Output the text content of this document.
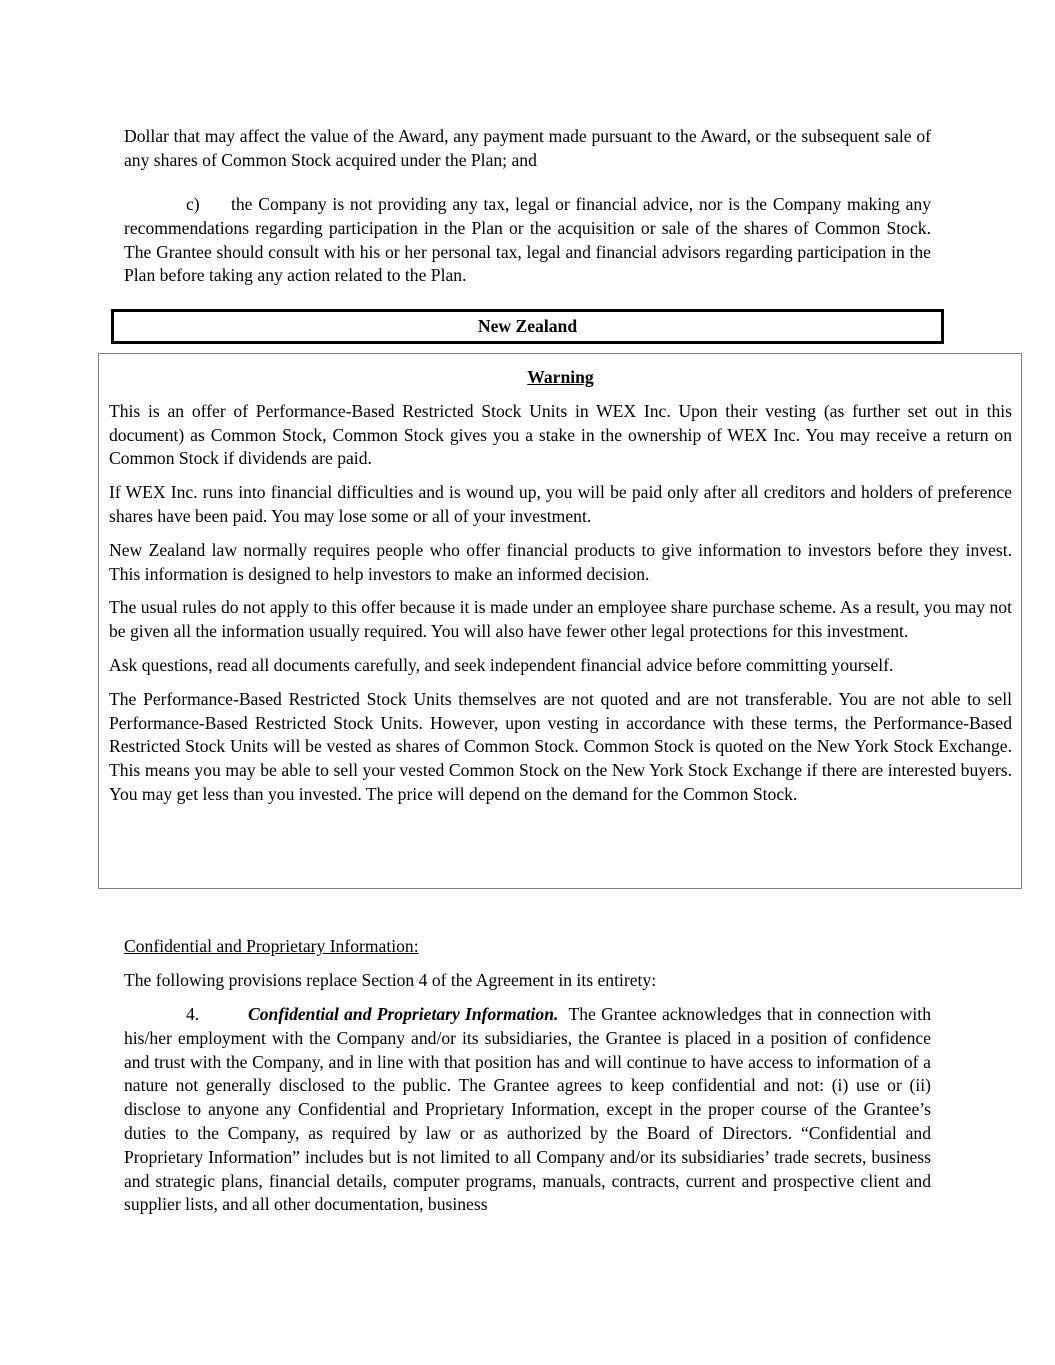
Dollar that may affect the value of the Award, any payment made pursuant to the Award, or the subsequent sale of any shares of Common Stock acquired under the Plan; and

c) the Company is not providing any tax, legal or financial advice, nor is the Company making any recommendations regarding participation in the Plan or the acquisition or sale of the shares of Common Stock. The Grantee should consult with his or her personal tax, legal and financial advisors regarding participation in the Plan before taking any action related to the Plan.

New Zealand

Warning

This is an offer of Performance-Based Restricted Stock Units in WEX Inc. Upon their vesting (as further set out in this document) as Common Stock, Common Stock gives you a stake in the ownership of WEX Inc. You may receive a return on Common Stock if dividends are paid.

If WEX Inc. runs into financial difficulties and is wound up, you will be paid only after all creditors and holders of preference shares have been paid. You may lose some or all of your investment.

New Zealand law normally requires people who offer financial products to give information to investors before they invest. This information is designed to help investors to make an informed decision.

The usual rules do not apply to this offer because it is made under an employee share purchase scheme. As a result, you may not be given all the information usually required. You will also have fewer other legal protections for this investment.

Ask questions, read all documents carefully, and seek independent financial advice before committing yourself.

The Performance-Based Restricted Stock Units themselves are not quoted and are not transferable. You are not able to sell Performance-Based Restricted Stock Units. However, upon vesting in accordance with these terms, the Performance-Based Restricted Stock Units will be vested as shares of Common Stock. Common Stock is quoted on the New York Stock Exchange. This means you may be able to sell your vested Common Stock on the New York Stock Exchange if there are interested buyers. You may get less than you invested. The price will depend on the demand for the Common Stock.

Confidential and Proprietary Information:

The following provisions replace Section 4 of the Agreement in its entirety:

4.	Confidential and Proprietary Information. The Grantee acknowledges that in connection with his/her employment with the Company and/or its subsidiaries, the Grantee is placed in a position of confidence and trust with the Company, and in line with that position has and will continue to have access to information of a nature not generally disclosed to the public. The Grantee agrees to keep confidential and not: (i) use or (ii) disclose to anyone any Confidential and Proprietary Information, except in the proper course of the Grantee’s duties to the Company, as required by law or as authorized by the Board of Directors. “Confidential and Proprietary Information” includes but is not limited to all Company and/or its subsidiaries’ trade secrets, business and strategic plans, financial details, computer programs, manuals, contracts, current and prospective client and supplier lists, and all other documentation, business
